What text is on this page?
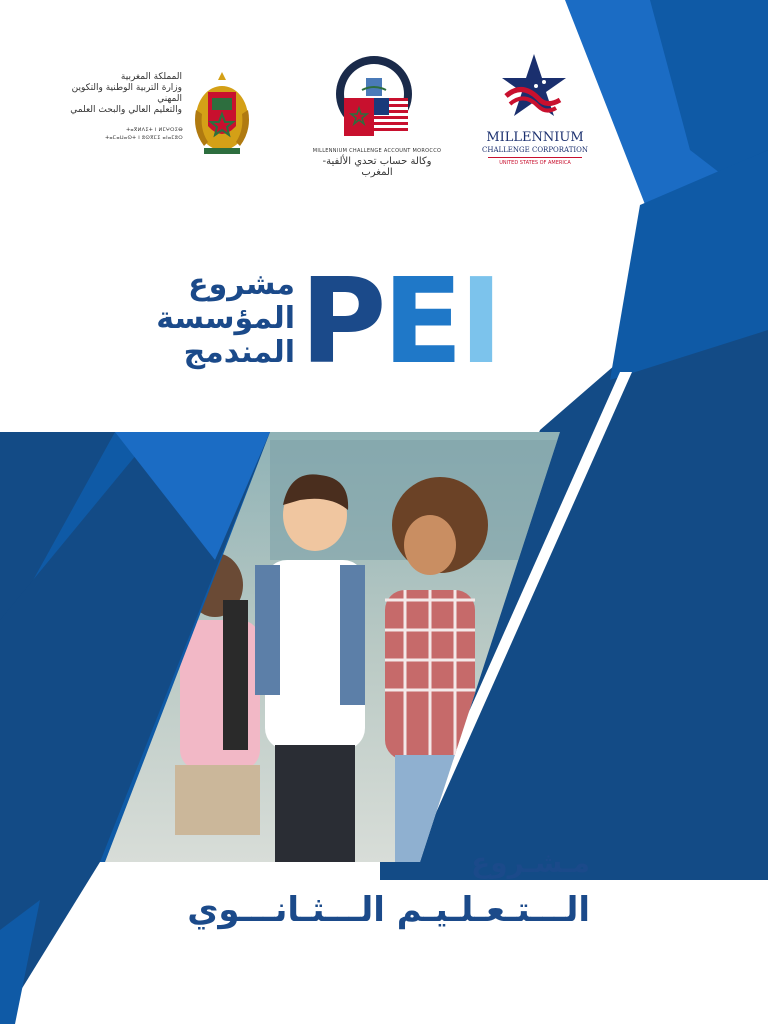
المملكة المغربية
وزارة التربية الوطنية والتكوين المهني
والتعليم العالي والبحث العلمي
ⵜⴰⴳⵍⴷⵉⵜ ⵏ ⵍⵎⵖⵔⵉⴱ
ⵜⴰⵎⴰⵡⴰⵙⵜ ⵏ ⵓⵙⴳⵎⵉ ⴰⵏⴰⵎⵓⵔ
MILLENNIUM CHALLENGE ACCOUNT MOROCCO
وكالة حساب تحدي الألفية-المغرب
MILLENNIUM
CHALLENGE CORPORATION
UNITED STATES OF AMERICA
مشروع
المؤسسة
المندمج PEI
مـشـروع
الـــتـعـلـيـم الـــثـانـــوي
